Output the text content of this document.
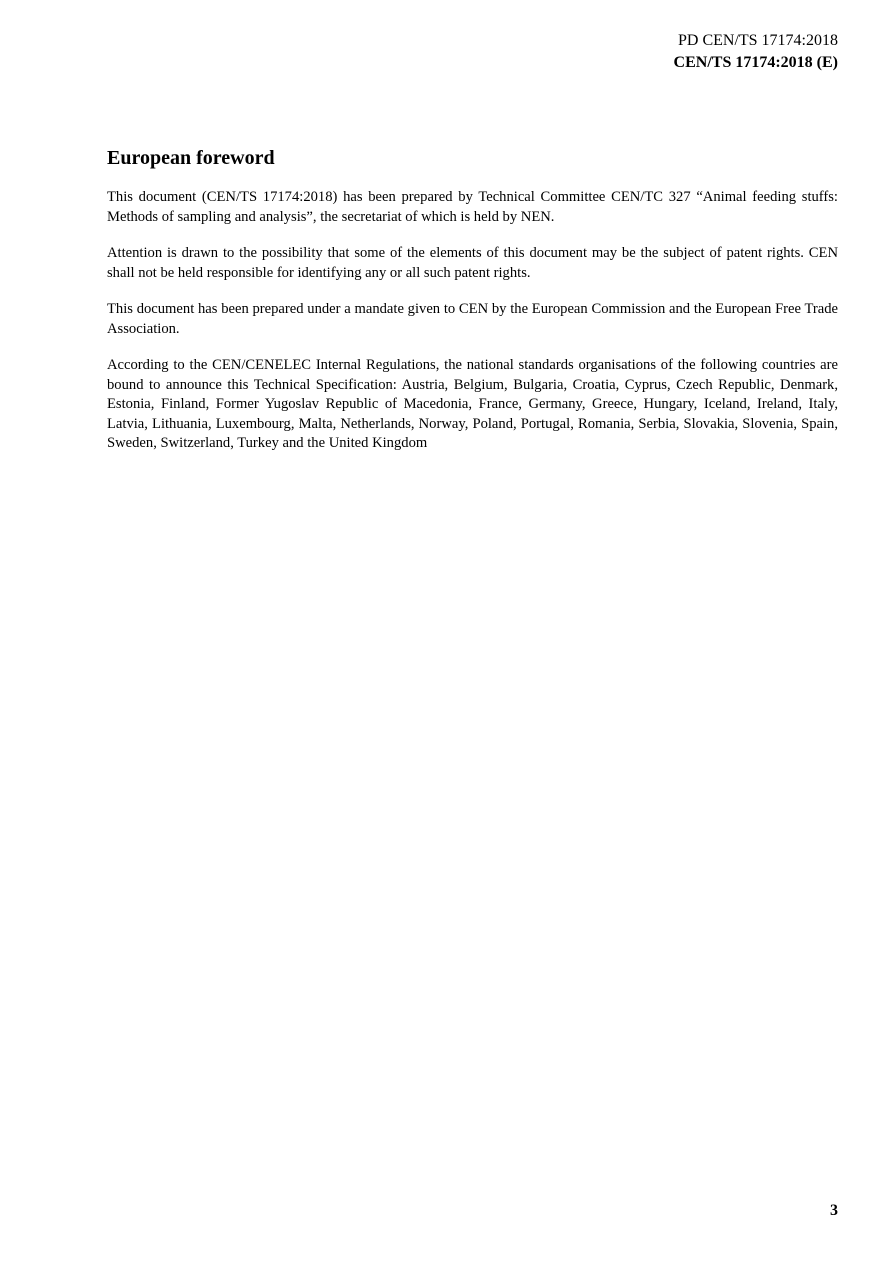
PD CEN/TS 17174:2018
CEN/TS 17174:2018 (E)
European foreword

This document (CEN/TS 17174:2018) has been prepared by Technical Committee CEN/TC 327 “Animal feeding stuffs: Methods of sampling and analysis”, the secretariat of which is held by NEN.

Attention is drawn to the possibility that some of the elements of this document may be the subject of patent rights. CEN shall not be held responsible for identifying any or all such patent rights.

This document has been prepared under a mandate given to CEN by the European Commission and the European Free Trade Association.

According to the CEN/CENELEC Internal Regulations, the national standards organisations of the following countries are bound to announce this Technical Specification: Austria, Belgium, Bulgaria, Croatia, Cyprus, Czech Republic, Denmark, Estonia, Finland, Former Yugoslav Republic of Macedonia, France, Germany, Greece, Hungary, Iceland, Ireland, Italy, Latvia, Lithuania, Luxembourg, Malta, Netherlands, Norway, Poland, Portugal, Romania, Serbia, Slovakia, Slovenia, Spain, Sweden, Switzerland, Turkey and the United Kingdom

3
